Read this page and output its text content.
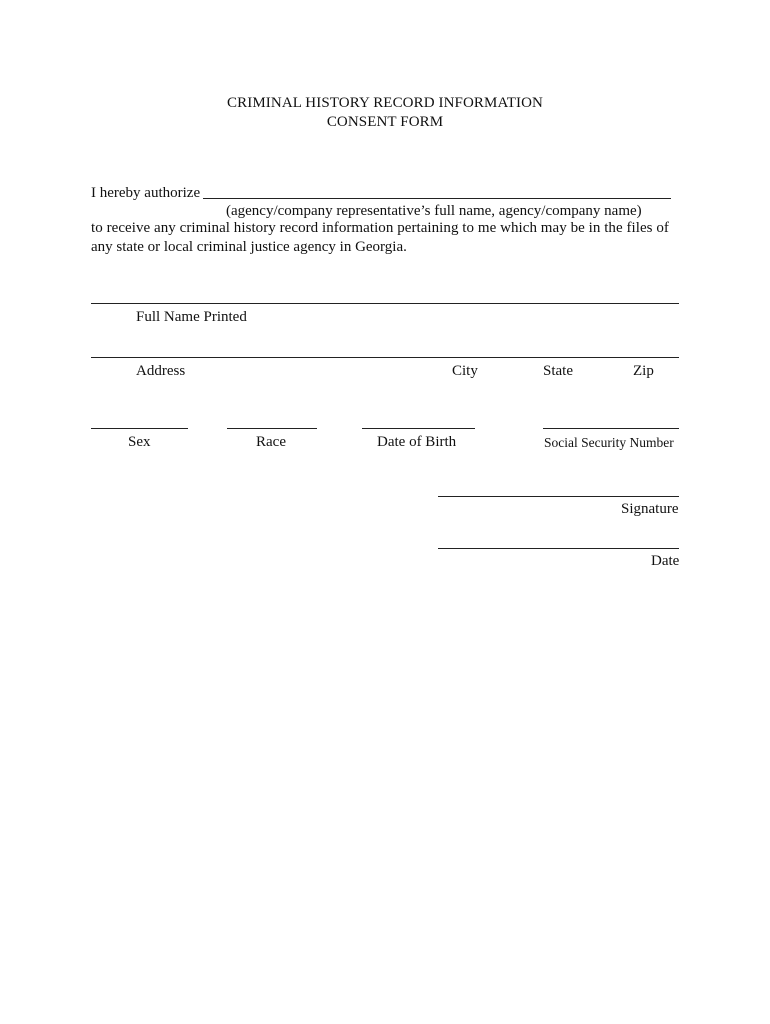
CRIMINAL HISTORY RECORD INFORMATION
CONSENT FORM
I hereby authorize
(agency/company representative’s full name, agency/company name)
to receive any criminal history record information pertaining to me which may be in the files of
any state or local criminal justice agency in Georgia.
Full Name Printed
Address	City	State	Zip
Sex	Race	Date of Birth	Social Security Number
Signature
Date
